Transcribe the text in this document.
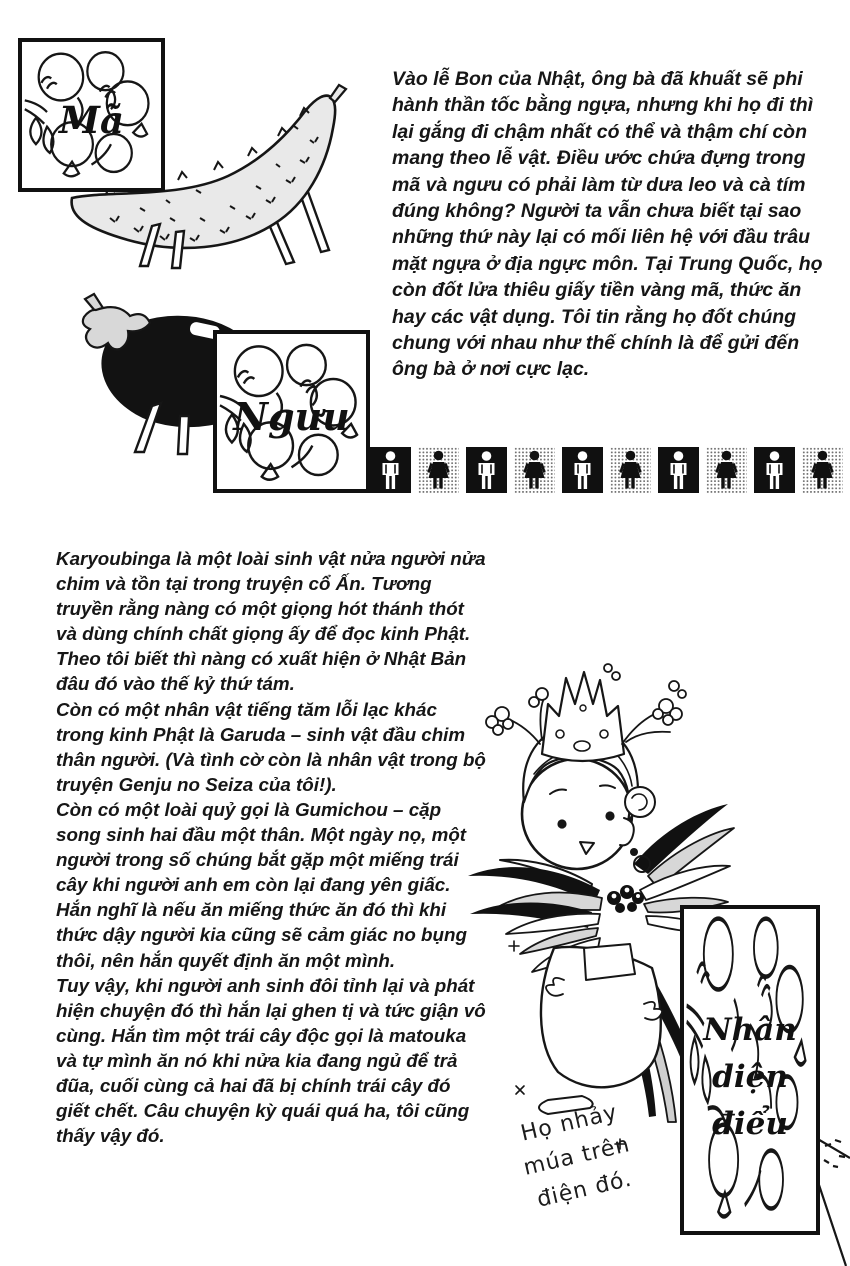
Mã
Ngưu

Vào lễ Bon của Nhật, ông bà đã khuất sẽ phi hành thần tốc bằng ngựa, nhưng khi họ đi thì lại gắng đi chậm nhất có thể và thậm chí còn mang theo lễ vật. Điều ước chứa đựng trong mã và ngưu có phải làm từ dưa leo và cà tím đúng không? Người ta vẫn chưa biết tại sao những thứ này lại có mối liên hệ với đầu trâu mặt ngựa ở địa ngực môn. Tại Trung Quốc, họ còn đốt lửa thiêu giấy tiền vàng mã, thức ăn hay các vật dụng. Tôi tin rằng họ đốt chúng chung với nhau như thế chính là để gửi đến ông bà ở nơi cực lạc.

Karyoubinga là một loài sinh vật nửa người nửa chim và tồn tại trong truyện cổ Ấn. Tương truyền rằng nàng có một giọng hót thánh thót và dùng chính chất giọng ấy để đọc kinh Phật. Theo tôi biết thì nàng có xuất hiện ở Nhật Bản đâu đó vào thế kỷ thứ tám.

Còn có một nhân vật tiếng tăm lỗi lạc khác trong kinh Phật là Garuda – sinh vật đầu chim thân người. (Và tình cờ còn là nhân vật trong bộ truyện Genju no Seiza của tôi!).

Còn có một loài quỷ gọi là Gumichou – cặp song sinh hai đầu một thân. Một ngày nọ, một người trong số chúng bắt gặp một miếng trái cây khi người anh em còn lại đang yên giấc. Hắn nghĩ là nếu ăn miếng thức ăn đó thì khi thức dậy người kia cũng sẽ cảm giác no bụng thôi, nên hắn quyết định ăn một mình.

Tuy vậy, khi người anh sinh đôi tỉnh lại và phát hiện chuyện đó thì hắn lại ghen tị và tức giận vô cùng. Hắn tìm một trái cây độc gọi là matouka và tự mình ăn nó khi nửa kia đang ngủ để trả đũa, cuối cùng cả hai đã bị chính trái cây đó giết chết. Câu chuyện kỳ quái quá ha, tôi cũng thấy vậy đó.

Nhân
diện
điểu
Họ nhảy
múa trên
điện đó.
